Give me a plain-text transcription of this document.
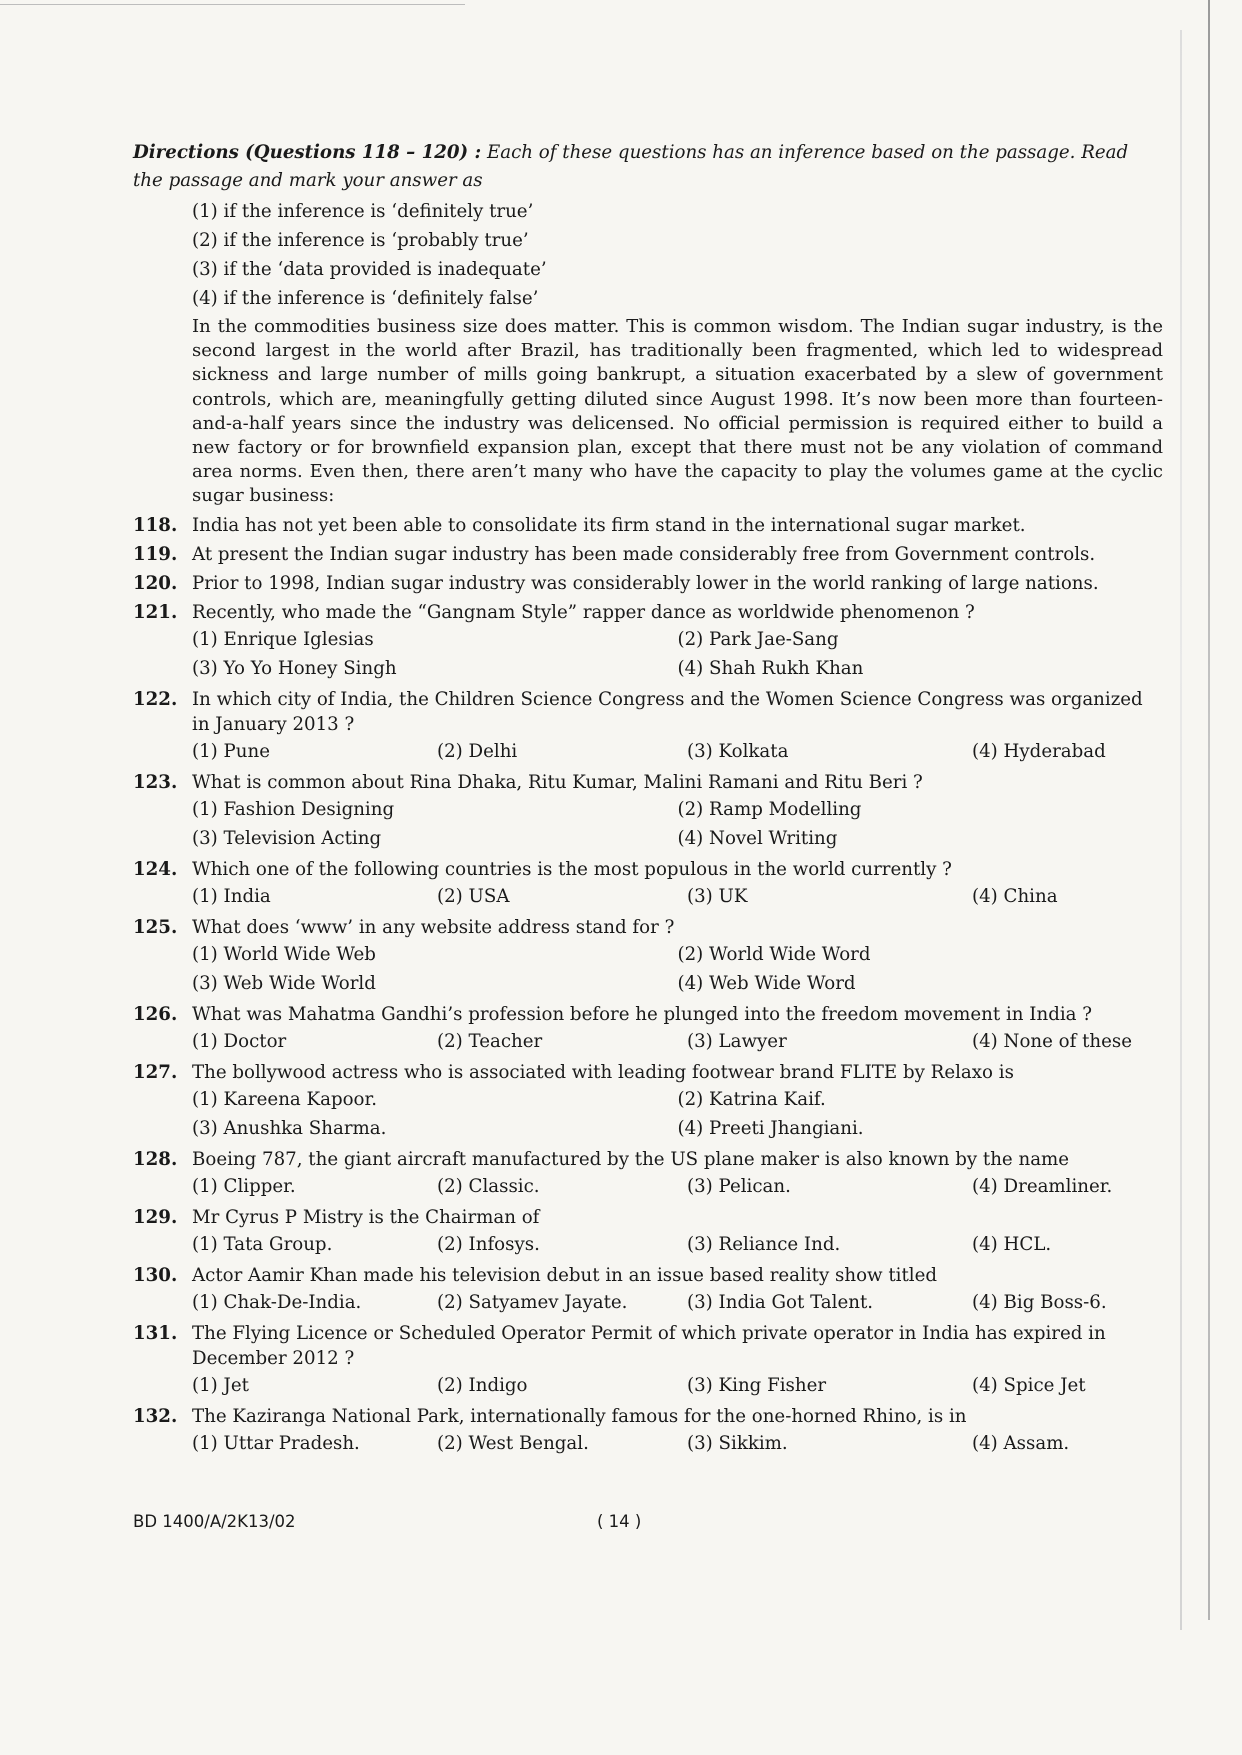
Directions (Questions 118 – 120) : Each of these questions has an inference based on the passage. Read the passage and mark your answer as

(1) if the inference is ‘definitely true’
(2) if the inference is ‘probably true’
(3) if the ‘data provided is inadequate’
(4) if the inference is ‘definitely false’

In the commodities business size does matter. This is common wisdom. The Indian sugar industry, is the second largest in the world after Brazil, has traditionally been fragmented, which led to widespread sickness and large number of mills going bankrupt, a situation exacerbated by a slew of government controls, which are, meaningfully getting diluted since August 1998. It’s now been more than fourteen-and-a-half years since the industry was delicensed. No official permission is required either to build a new factory or for brownfield expansion plan, except that there must not be any violation of command area norms. Even then, there aren’t many who have the capacity to play the volumes game at the cyclic sugar business:

118. India has not yet been able to consolidate its firm stand in the international sugar market.
119. At present the Indian sugar industry has been made considerably free from Government controls.
120. Prior to 1998, Indian sugar industry was considerably lower in the world ranking of large nations.
121. Recently, who made the “Gangnam Style” rapper dance as worldwide phenomenon ?
(1) Enrique Iglesias	(2) Park Jae-Sang
(3) Yo Yo Honey Singh	(4) Shah Rukh Khan
122. In which city of India, the Children Science Congress and the Women Science Congress was organized in January 2013 ?
(1) Pune	(2) Delhi	(3) Kolkata	(4) Hyderabad
123. What is common about Rina Dhaka, Ritu Kumar, Malini Ramani and Ritu Beri ?
(1) Fashion Designing	(2) Ramp Modelling
(3) Television Acting	(4) Novel Writing
124. Which one of the following countries is the most populous in the world currently ?
(1) India	(2) USA	(3) UK	(4) China
125. What does ‘www’ in any website address stand for ?
(1) World Wide Web	(2) World Wide Word
(3) Web Wide World	(4) Web Wide Word
126. What was Mahatma Gandhi’s profession before he plunged into the freedom movement in India ?
(1) Doctor	(2) Teacher	(3) Lawyer	(4) None of these
127. The bollywood actress who is associated with leading footwear brand FLITE by Relaxo is
(1) Kareena Kapoor.	(2) Katrina Kaif.
(3) Anushka Sharma.	(4) Preeti Jhangiani.
128. Boeing 787, the giant aircraft manufactured by the US plane maker is also known by the name
(1) Clipper.	(2) Classic.	(3) Pelican.	(4) Dreamliner.
129. Mr Cyrus P Mistry is the Chairman of
(1) Tata Group.	(2) Infosys.	(3) Reliance Ind.	(4) HCL.
130. Actor Aamir Khan made his television debut in an issue based reality show titled
(1) Chak-De-India.	(2) Satyamev Jayate.	(3) India Got Talent.	(4) Big Boss-6.
131. The Flying Licence or Scheduled Operator Permit of which private operator in India has expired in December 2012 ?
(1) Jet	(2) Indigo	(3) King Fisher	(4) Spice Jet
132. The Kaziranga National Park, internationally famous for the one-horned Rhino, is in
(1) Uttar Pradesh.	(2) West Bengal.	(3) Sikkim.	(4) Assam.
BD 1400/A/2K13/02	( 14 )
